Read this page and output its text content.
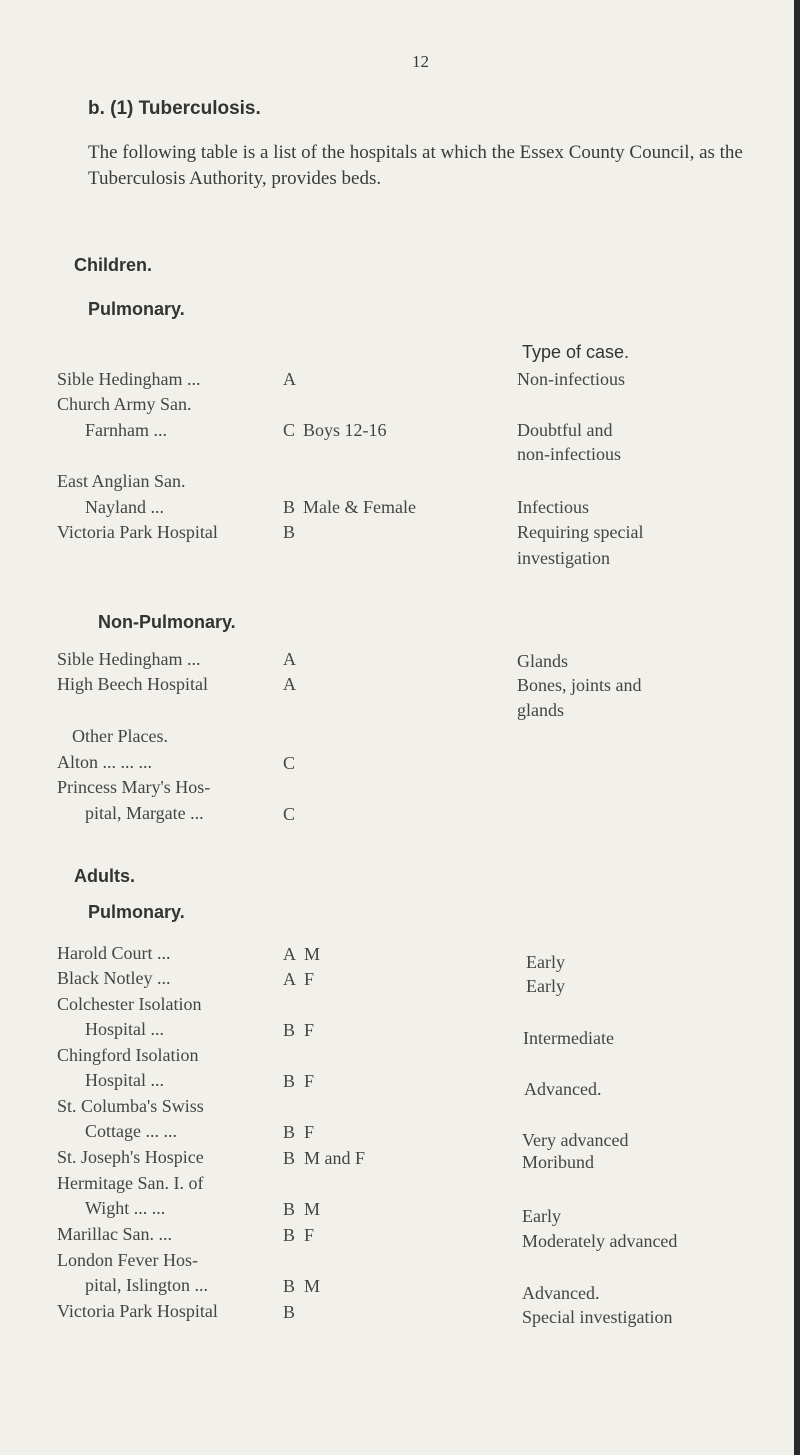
12
b. (1) Tuberculosis.
The following table is a list of the hospitals at which the Essex County Council, as the Tuberculosis Authority, provides beds.
Children.
Pulmonary.
Type of case.
Sible Hedingham ...	A	Non-infectious
Church Army San.
Farnham ...	C Boys 12-16	Doubtful and
non-infectious
East Anglian San.
Nayland ...	B Male & Female	Infectious
Victoria Park Hospital	B	Requiring special
investigation
Non-Pulmonary.
Sible Hedingham ...	A	Glands
High Beech Hospital	A	Bones, joints and
glands
Other Places.
Alton ... ... ...	C
Princess Mary's Hos-
pital, Margate ...	C
Adults.
Pulmonary.
Harold Court ...	A M	Early
Black Notley ...	A F	Early
Colchester Isolation
Hospital ...	B F	Intermediate
Chingford Isolation
Hospital ...	B F	Advanced.
St. Columba's Swiss
Cottage ... ...	B F	Very advanced
St. Joseph's Hospice	B M and F	Moribund
Hermitage San. I. of
Wight ... ...	B M	Early
Marillac San. ...	B F	Moderately advanced
London Fever Hos-
pital, Islington ...	B M	Advanced.
Victoria Park Hospital	B	Special investigation
